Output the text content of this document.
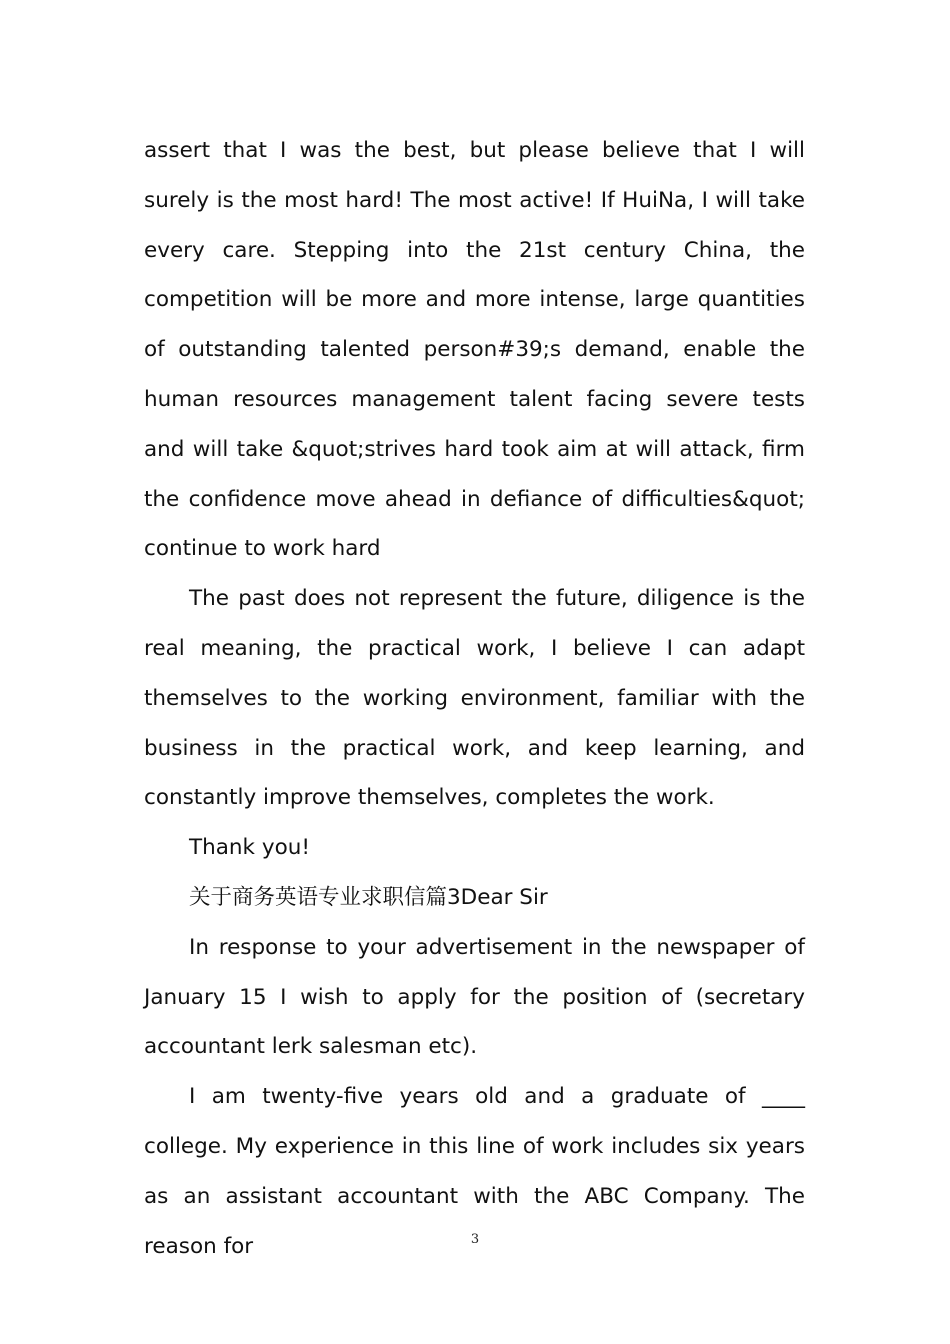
assert that I was the best, but please believe that I will surely is the most hard! The most active! If HuiNa, I will take every care. Stepping into the 21st century China, the competition will be more and more intense, large quantities of outstanding talented person#39;s demand, enable the human resources management talent facing severe tests and will take &quot;strives hard took aim at will attack, firm the confidence move ahead in defiance of difficulties&quot; continue to work hard

The past does not represent the future, diligence is the real meaning, the practical work, I believe I can adapt themselves to the working environment, familiar with the business in the practical work, and keep learning, and constantly improve themselves, completes the work.

Thank you!

关于商务英语专业求职信篇3Dear Sir

In response to your advertisement in the newspaper of January 15 I wish to apply for the position of (secretary accountant lerk salesman etc).

I am twenty-five years old and a graduate of ____ college. My experience in this line of work includes six years as an assistant accountant with the ABC Company. The reason for	3
